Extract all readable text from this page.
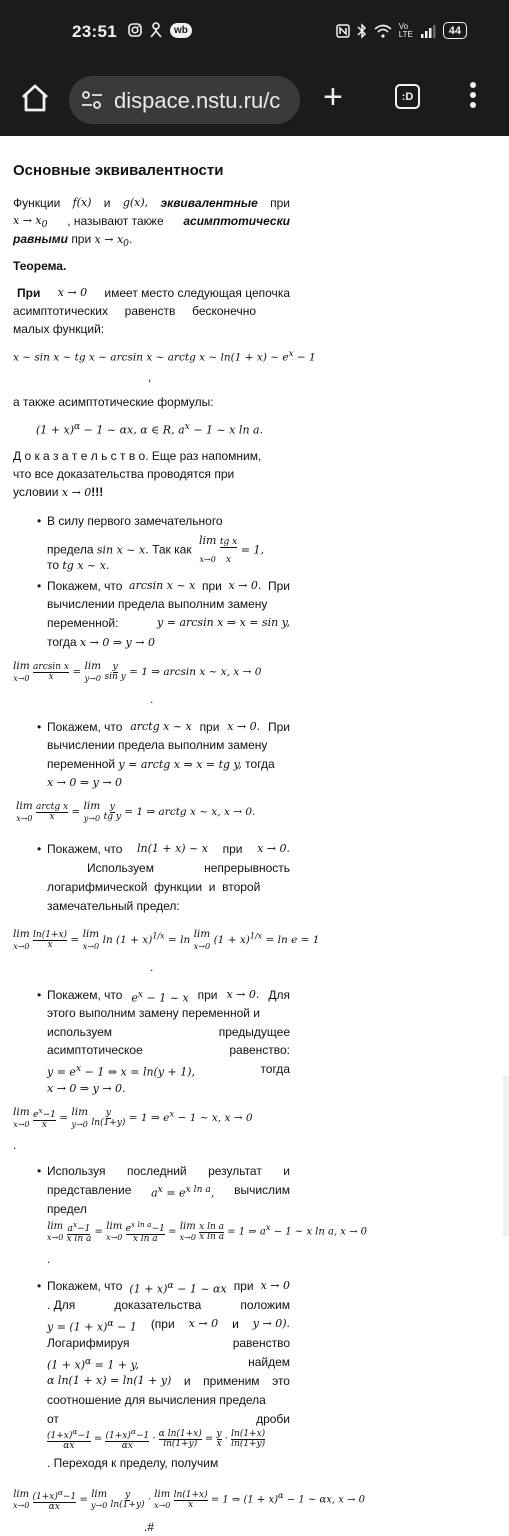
23:51	wb	Vo LTE	44
dispace.nstu.ru/c +	:D
Основные эквивалентности
Функции f(x) и g(x), эквивалентные при
$x \to x_0$ , называют также асимптотически
равными при $x \to x_0$.
Теорема.
При x → 0 имеет место следующая цепочка
асимптотических     равенств     бесконечно
малых функций:
x ~ sin x ~ tg x ~ arcsin x ~ arctg x ~ ln(1 + x) ~ $e^x - 1$
,
а также асимптотические формулы:
$(1 + x)^\alpha - 1$ ~ αx, α ∈ R, $a^x - 1$ ~ x ln a.
Д о к а з а т е л ь с т в о. Еще раз напомним,
что все доказательства проводятся при
условии x → 0!!!
• В силу первого замечательного
предела sin x ~ x. Так как lim
x→0 tg x
x = 1,
то tg x ~ x.
• Покажем, что arcsin x ~ x при x → 0. При
вычислении предела выполним замену
переменной:	y = arcsin x ⇒ x = sin y,
тогда x → 0 ⇒ y → 0
lim
x→0 arcsin x
x = lim
y→0 y
sin y = 1 ⇒ arcsin x ~ x, x → 0
.
• Покажем, что arctg x ~ x при x → 0. При
вычислении предела выполним замену
переменной y = arctg x ⇒ x = tg y, тогда
x → 0 ⇒ y → 0
lim
x→0 arctg x
x = lim
y→0 y
tg y = 1 ⇒ arctg x ~ x, x → 0.
• Покажем, что ln(1 + x) ~ x при x → 0.
Используем	непрерывность
логарифмической  функции  и  второй
замечательный предел:
lim
x→0 ln(1+x)
x = lim
x→0 $\ln (1 + x)^{1/x} = \ln \lim$
x→0 $(1 + x)^{1/x} = \ln e = 1$
.
• Покажем, что $e^x - 1$ ~ x при x → 0. Для
этого выполним замену переменной и
используем	предыдущее
асимптотическое	равенство:
$y = e^x - 1$ ⇒ x = ln(y + 1),	тогда
x → 0 ⇒ y → 0.
lim
x→0 $e^x-1$
x = lim
y→0 y
ln(1+y) = 1 ⇒ $e^x - 1$ ~ x, x → 0
.
• Используя последний результат и
представление $a^x = e^{x ln a}$, вычислим
предел
lim
x→0 $a^x-1$
x ln a = lim
x→0 $e^{x ln a}-1$
x ln a = lim
x→0 x ln a
x ln a = 1 ⇒ $a^x - 1$ ~ x ln a, x → 0
.
• Покажем, что $(1 + x)^\alpha - 1$ ~ αx при x → 0
. Для	доказательства	положим
$y = (1 + x)^\alpha - 1$ (при x → 0 и y → 0).
Логарифмируя	равенство
$(1 + x)^\alpha = 1 + y$,	найдем
α ln(1 + x) = ln(1 + y) и применим это
соотношение для вычисления предела
от	дроби
$(1+x)^\alpha-1$
$\alpha x = (1+x)^\alpha-1$
αx · α ln(1+x)
ln(1+y) = y
x · ln(1+x)
ln(1+y)
. Переходя к пределу, получим
lim
x→0 $(1+x)^\alpha-1$
αx = lim
y→0 y
ln(1+y) · lim
x→0 ln(1+x)
x = 1 ⇒ $(1 + x)^\alpha - 1$ ~ αx, x → 0
.#
